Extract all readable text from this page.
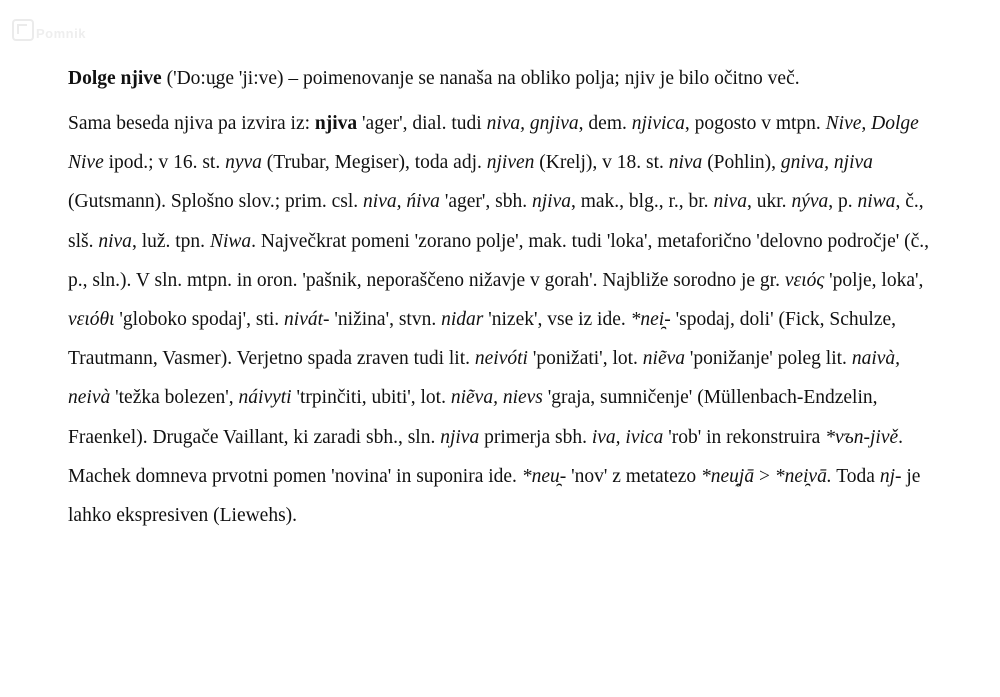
Pomnik

Dolge njive ('Do:u̯ge 'ji:ve) – poimenovanje se nanaša na obliko polja; njiv je bilo očitno več.

Sama beseda njiva pa izvira iz: njiva 'ager', dial. tudi niva, gnjiva, dem. njivica, pogosto v mtpn. Nive, Dolge Nive ipod.; v 16. st. nyva (Trubar, Megiser), toda adj. njiven (Krelj), v 18. st. niva (Pohlin), gniva, njiva (Gutsmann). Splošno slov.; prim. csl. niva, ńiva 'ager', sbh. njiva, mak., blg., r., br. niva, ukr. nýva, p. niwa, č., slš. niva, luž. tpn. Niwa. Največkrat pomeni 'zorano polje', mak. tudi 'loka', metaforično 'delovno področje' (č., p., sln.). V sln. mtpn. in oron. 'pašnik, neporaščeno nižavje v gorah'. Najbliže sorodno je gr. νειός 'polje, loka', νειόθι 'globoko spodaj', sti. nivát- 'nižina', stvn. nidar 'nizek', vse iz ide. *nei̯- 'spodaj, doli' (Fick, Schulze, Trautmann, Vasmer). Verjetno spada zraven tudi lit. neivóti 'ponižati', lot. niẽva 'ponižanje' poleg lit. naivà, neivà 'težka bolezen', náivyti 'trpinčiti, ubiti', lot. niẽva, nievs 'graja, sumničenje' (Müllenbach-Endzelin, Fraenkel). Drugače Vaillant, ki zaradi sbh., sln. njiva primerja sbh. iva, ivica 'rob' in rekonstruira *vъn-jivě. Machek domneva prvotni pomen 'novina' in suponira ide. *neu̯- 'nov' z metatezo *neu̯jā > *nei̯vā. Toda nj- je lahko ekspresiven (Liewehs).
